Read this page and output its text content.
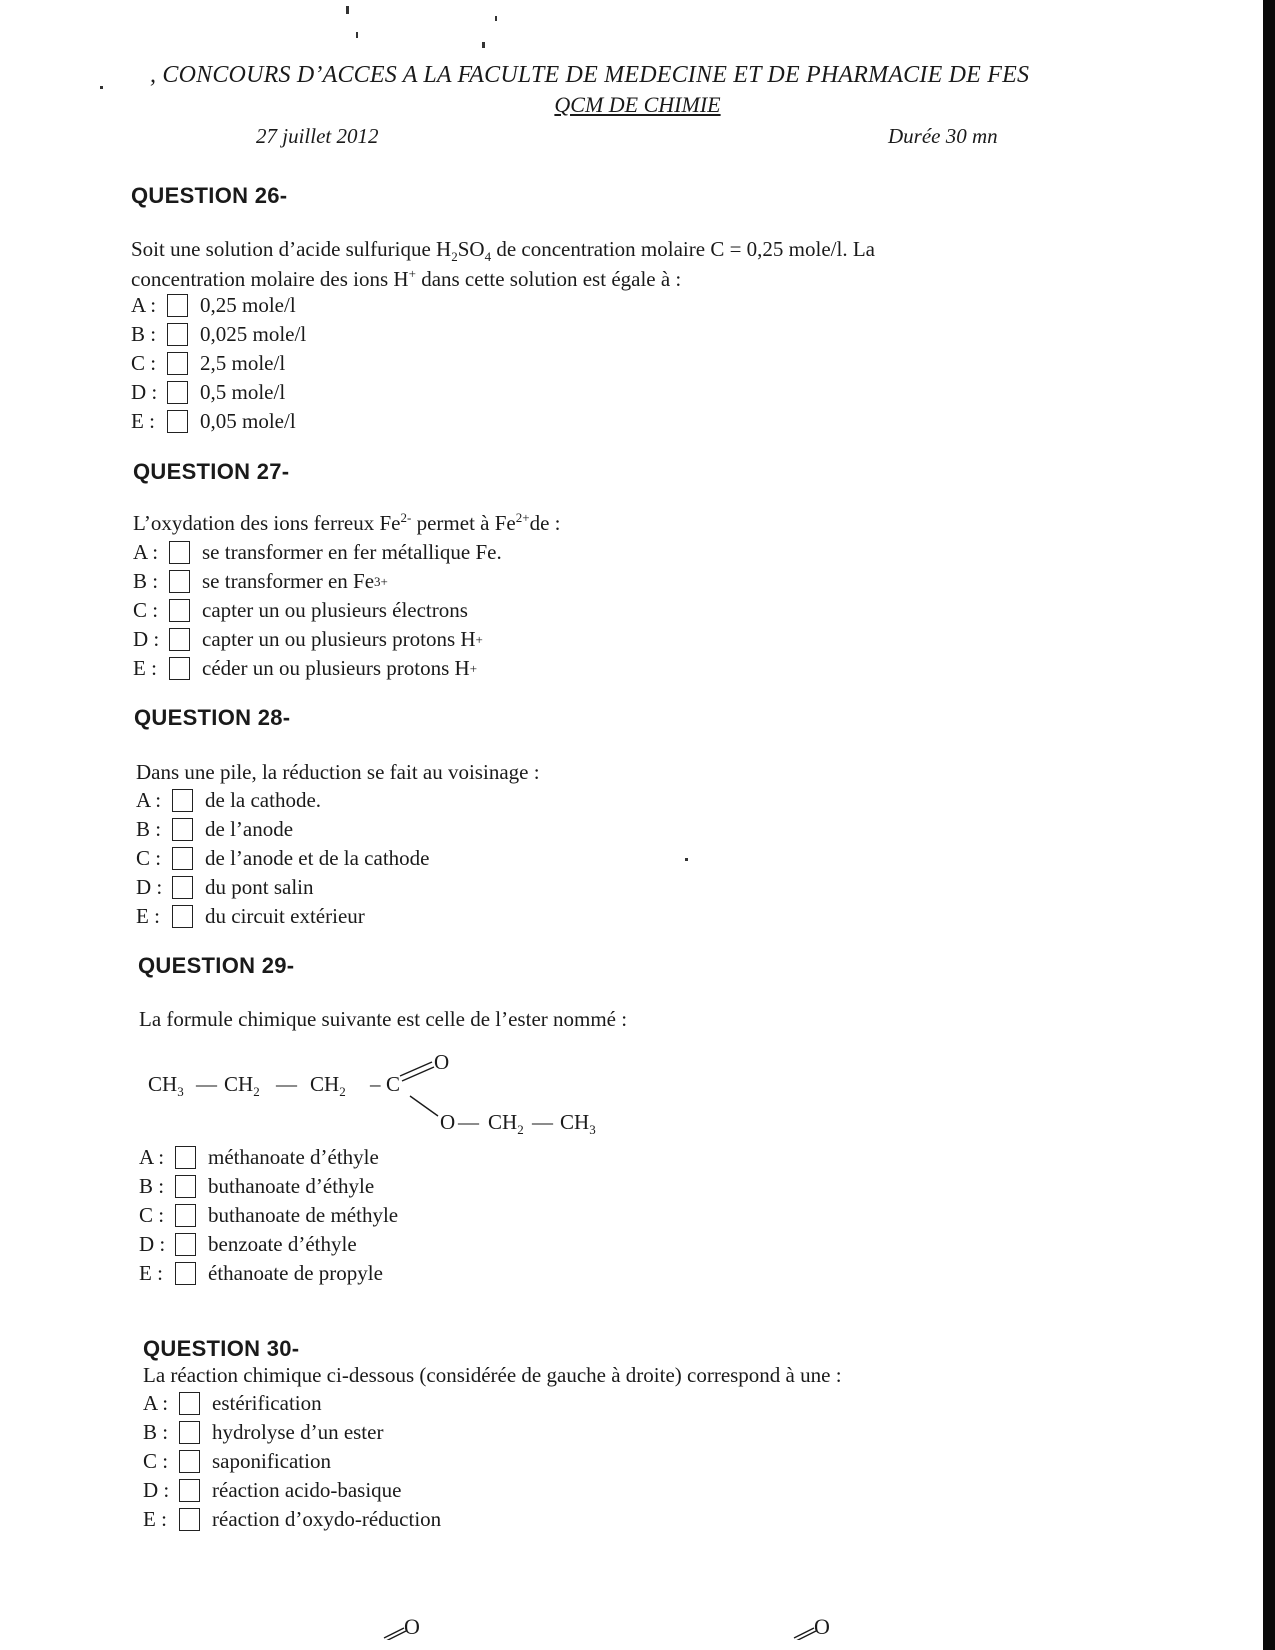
, CONCOURS D’ACCES A LA FACULTE DE MEDECINE ET DE PHARMACIE DE FES
QCM DE CHIMIE
27 juillet 2012	Durée 30 mn
QUESTION 26-
Soit une solution d’acide sulfurique $H_2SO_4$ de concentration molaire C = 0,25 mole/l. La
concentration molaire des ions H+ dans cette solution est égale à :
A :	0,25 mole/l
B :	0,025 mole/l
C :	2,5 mole/l
D :	0,5 mole/l
E :	0,05 mole/l
QUESTION 27-
L’oxydation des ions ferreux $Fe^{2-}$ permet à $Fe^{2+}de$ :
A :	se transformer en fer métallique Fe.
B :	se transformer en Fe 3+
C :	capter un ou plusieurs électrons
D :	capter un ou plusieurs protons H +
E :	céder un ou plusieurs protons H +
QUESTION 28-
Dans une pile, la réduction se fait au voisinage :
A :	de la cathode.
B :	de l’anode
C :	de l’anode et de la cathode
D :	du pont salin
E :	du circuit extérieur
QUESTION 29-
La formule chimique suivante est celle de l’ester nommé :
$CH_3$ — $CH_2$ — $CH_2$ – C
O
O — $CH_2$ — $CH_3$
A :	méthanoate d’éthyle
B :	buthanoate d’éthyle
C :	buthanoate de méthyle
D :	benzoate d’éthyle
E :	éthanoate de propyle
QUESTION 30-
La réaction chimique ci-dessous (considérée de gauche à droite) correspond à une :
A :	estérification
B :	hydrolyse d’un ester
C :	saponification
D :	réaction acido-basique
E :	réaction d’oxydo-réduction
O	O
